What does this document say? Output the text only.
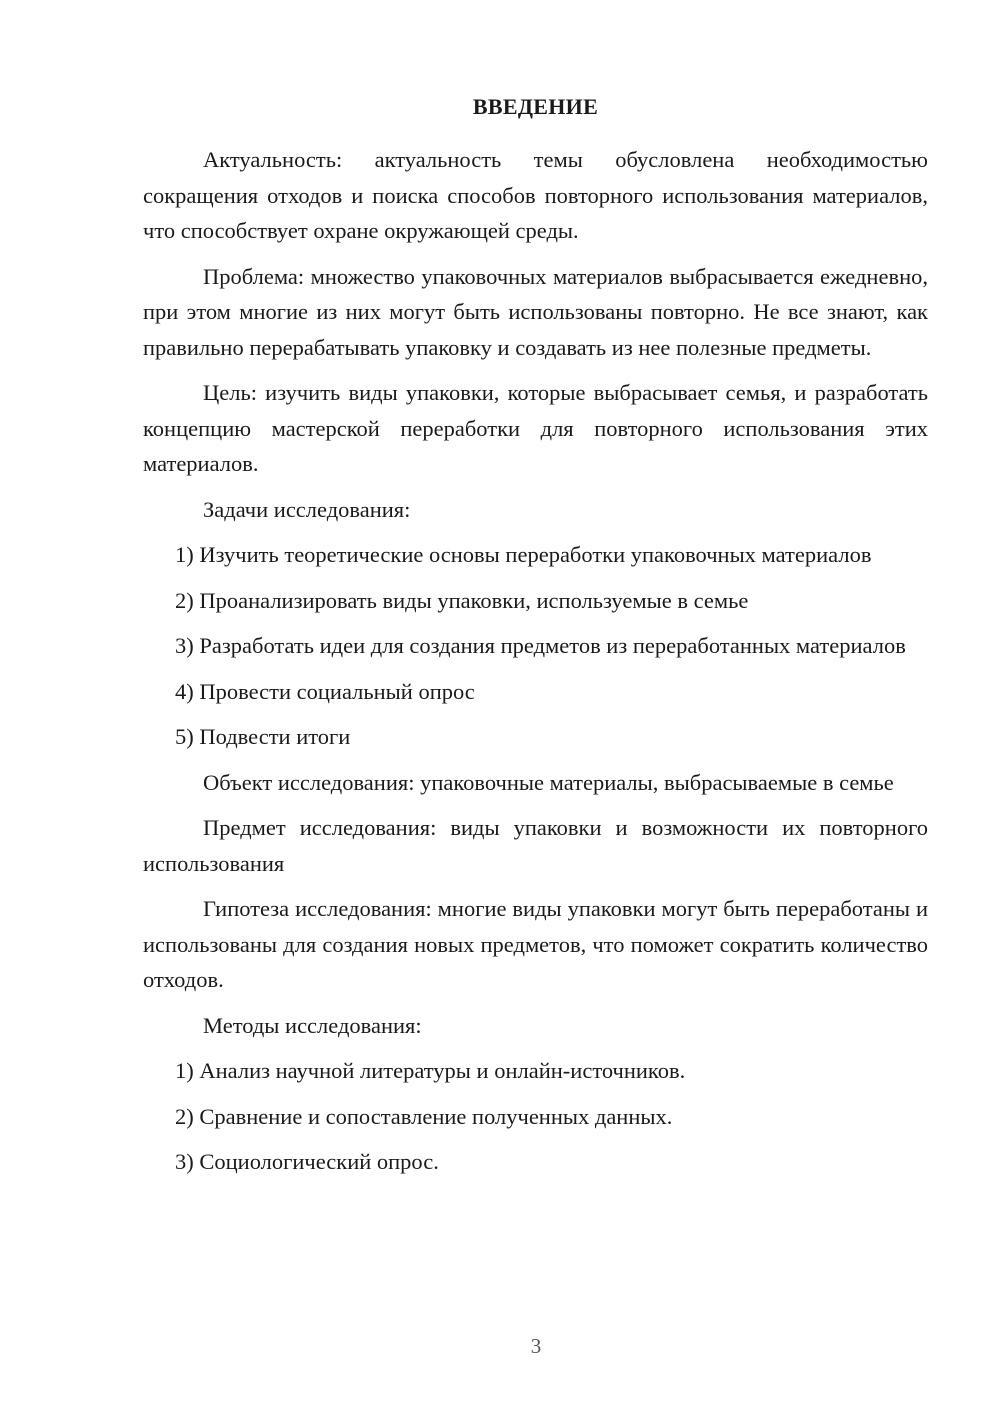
ВВЕДЕНИЕ

Актуальность: актуальность темы обусловлена необходимостью сокращения отходов и поиска способов повторного использования материалов, что способствует охране окружающей среды.

Проблема: множество упаковочных материалов выбрасывается ежедневно, при этом многие из них могут быть использованы повторно. Не все знают, как правильно перерабатывать упаковку и создавать из нее полезные предметы.

Цель: изучить виды упаковки, которые выбрасывает семья, и разработать концепцию мастерской переработки для повторного использования этих материалов.

Задачи исследования:

1) Изучить теоретические основы переработки упаковочных материалов

2) Проанализировать виды упаковки, используемые в семье

3) Разработать идеи для создания предметов из переработанных материалов

4) Провести социальный опрос

5) Подвести итоги

Объект исследования: упаковочные материалы, выбрасываемые в семье

Предмет исследования: виды упаковки и возможности их повторного использования

Гипотеза исследования: многие виды упаковки могут быть переработаны и использованы для создания новых предметов, что поможет сократить количество отходов.

Методы исследования:

1) Анализ научной литературы и онлайн-источников.

2) Сравнение и сопоставление полученных данных.

3) Социологический опрос.

3
